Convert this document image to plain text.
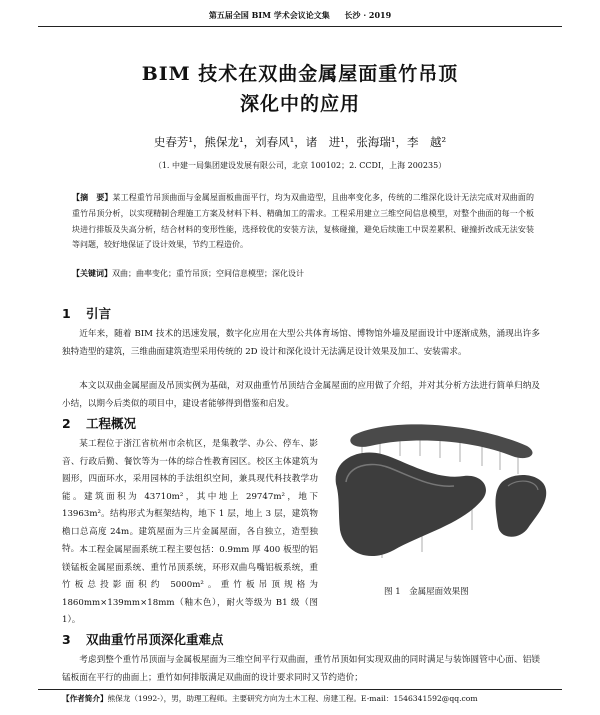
第五届全国 BIM 学术会议论文集 长沙 · 2019
BIM 技术在双曲金属屋面重竹吊顶
深化中的应用
史春芳¹，熊保龙¹，刘春风¹，诸　进¹，张海瑞¹，李　越²
（1. 中建一局集团建设发展有限公司，北京 100102；2. CCDI，上海 200235）
【摘　要】某工程重竹吊顶曲面与金属屋面板曲面平行，均为双曲造型，且曲率变化多，传统的二维深化设计无法完成对双曲面的重竹吊顶分析，以实现精制合理施工方案及材料下料、精确加工的需求。工程采用建立三维空间信息模型，对整个曲面的每一个板块进行排版及失高分析，结合材料的变形性能，选择较优的安装方法，复核碰撞，避免后续施工中误差累积、碰撞折改成无法安装等问题，较好地保证了设计效果，节约工程造价。
【关键词】双曲；曲率变化；重竹吊顶；空间信息模型；深化设计
1 引言
近年来，随着 BIM 技术的迅速发展，数字化应用在大型公共体育场馆、博物馆外墙及屋面设计中逐渐成熟，涌现出许多独特造型的建筑，三维曲面建筑造型采用传统的 2D 设计和深化设计无法满足设计效果及加工、安装需求。
本文以双曲金属屋面及吊顶实例为基础，对双曲重竹吊顶结合金属屋面的应用做了介绍，并对其分析方法进行简单归纳及小结，以期今后类似的项目中，建设者能够得到借鉴和启发。
2 工程概况
某工程位于浙江省杭州市余杭区，是集教学、办公、停车、影音、行政后勤、餐饮等为一体的综合性教育园区。校区主体建筑为圆形，四面环水，采用园林的手法组织空间，兼具现代科技教学功能。建筑面积为 43710m²，其中地上 29747m²，地下 13963m²。结构形式为框架结构，地下 1 层，地上 3 层，建筑物檐口总高度 24m。建筑屋面为三片金属屋面，各自独立，造型独特。 本工程金属屋面系统工程主要包括：0.9mm 厚 400 板型的铝镁锰板金属屋面系统、重竹吊顶系统，环形双曲鸟嘴铝板系统，重竹板总投影面积约 5000m²。重竹板吊顶规格为 1860mm×139mm×18mm（釉木色），耐火等级为 B1 级（图 1）。
图 1　金属屋面效果图
3 双曲重竹吊顶深化重难点
考虑到整个重竹吊顶面与金属板屋面为三维空间平行双曲面，重竹吊顶如何实现双曲的同时满足与装饰圆管中心面、铝镁锰板面在平行的曲面上；重竹如何排版满足双曲面的设计要求同时又节约造价；
【作者简介】熊保龙（1992-），男，助理工程师。主要研究方向为土木工程、房建工程。E-mail：1546341592@qq.com
